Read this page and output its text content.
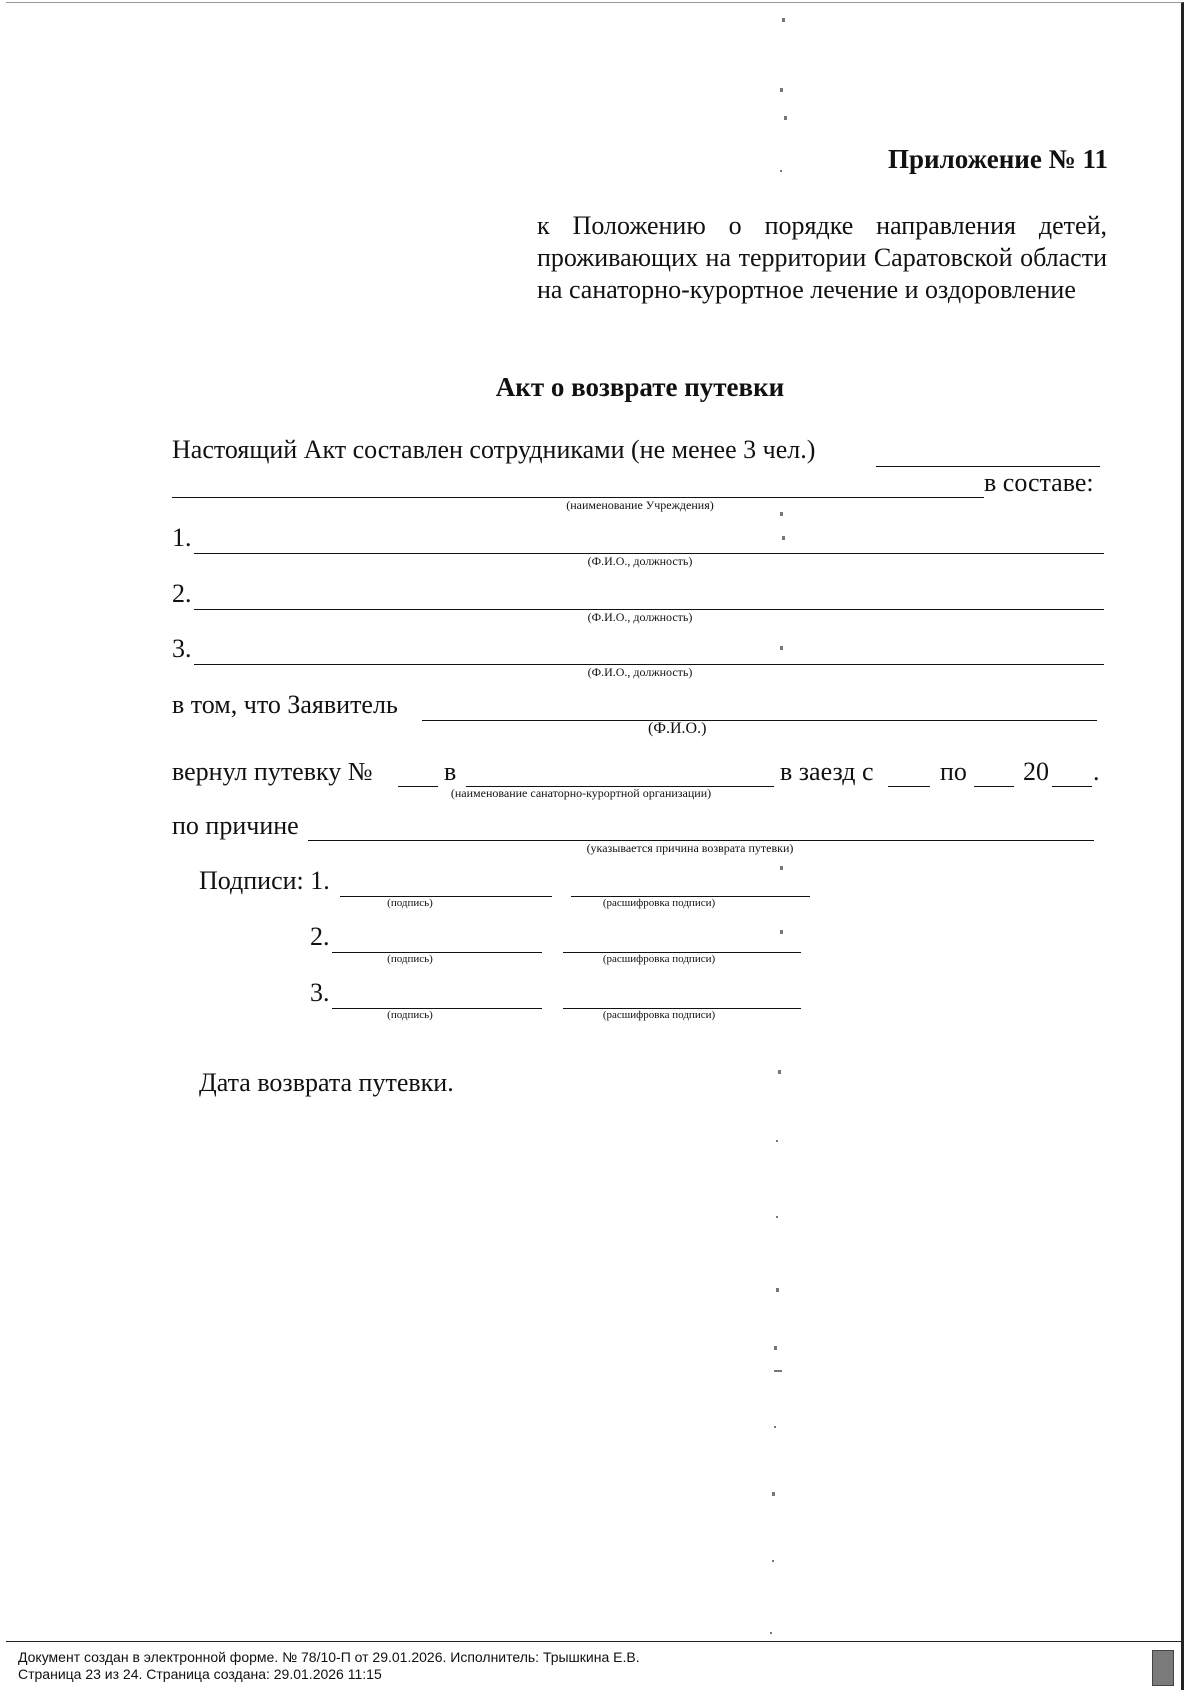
Приложение № 11
к Положению о порядке направления детей, проживающих на территории Саратовской области на санаторно-курортное лечение и оздоровление
Акт о возврате путевки
Настоящий Акт составлен сотрудниками (не менее 3 чел.)
в составе:
(наименование Учреждения)
1.
(Ф.И.О., должность)
2.
(Ф.И.О., должность)
3.
(Ф.И.О., должность)
в том, что Заявитель
(Ф.И.О.)
вернул путевку №	в
(наименование санаторно-курортной организации)
в заезд с	по 20 .
по причине
(указывается причина возврата путевки)
Подписи: 1.
(подпись)	(расшифровка подписи)
2.
(подпись)	(расшифровка подписи)
3.
(подпись)	(расшифровка подписи)
Дата возврата путевки.
Документ создан в электронной форме. № 78/10-П от 29.01.2026. Исполнитель: Трышкина Е.В.
Страница 23 из 24. Страница создана: 29.01.2026 11:15
